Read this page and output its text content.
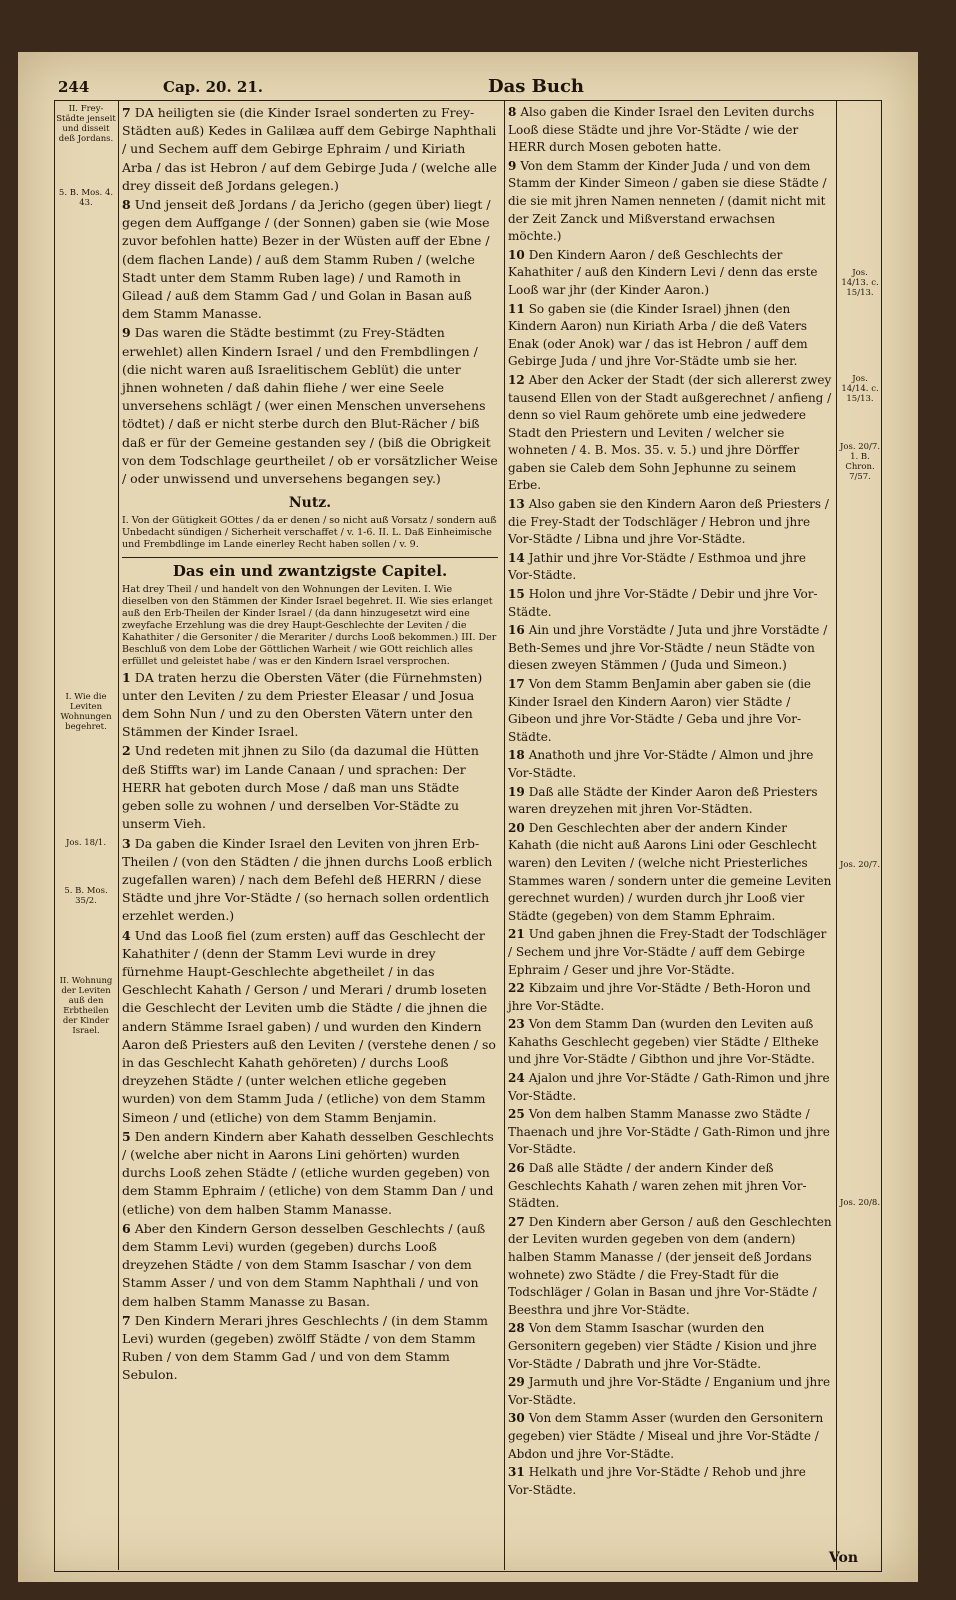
244	Cap. 20. 21.	Das Buch
II. Frey-Städte jenseit und disseit deß Jordans.
5. B. Mos. 4. 43.
I. Wie die Leviten Wohnungen begehret.
Jos. 18/1.
5. B. Mos. 35/2.
II. Wohnung der Leviten auß den Erbtheilen der Kinder Israel.
Jos. 14/13. c. 15/13.
Jos. 14/14. c. 15/13.
Jos. 20/7. 1. B. Chron. 7/57.
Jos. 20/7.
Jos. 20/8.

7 DA heiligten sie (die Kinder Israel sonderten zu Frey-Städten auß) Kedes in Galilæa auff dem Gebirge Naphthali / und Sechem auff dem Gebirge Ephraim / und Kiriath Arba / das ist Hebron / auf dem Gebirge Juda / (welche alle drey disseit deß Jordans gelegen.)

8 Und jenseit deß Jordans / da Jericho (gegen über) liegt / gegen dem Auffgange / (der Sonnen) gaben sie (wie Mose zuvor befohlen hatte) Bezer in der Wüsten auff der Ebne / (dem flachen Lande) / auß dem Stamm Ruben / (welche Stadt unter dem Stamm Ruben lage) / und Ramoth in Gilead / auß dem Stamm Gad / und Golan in Basan auß dem Stamm Manasse.

9 Das waren die Städte bestimmt (zu Frey-Städten erwehlet) allen Kindern Israel / und den Frembdlingen / (die nicht waren auß Israelitischem Geblüt) die unter jhnen wohneten / daß dahin fliehe / wer eine Seele unversehens schlägt / (wer einen Menschen unversehens tödtet) / daß er nicht sterbe durch den Blut-Rächer / biß daß er für der Gemeine gestanden sey / (biß die Obrigkeit von dem Todschlage geurtheilet / ob er vorsätzlicher Weise / oder unwissend und unversehens begangen sey.)

Nutz.

I. Von der Gütigkeit GOttes / da er denen / so nicht auß Vorsatz / sondern auß Unbedacht sündigen / Sicherheit verschaffet / v. 1-6. II. L. Daß Einheimische und Frembdlinge im Lande einerley Recht haben sollen / v. 9.

Das ein und zwantzigste Capitel.

Hat drey Theil / und handelt von den Wohnungen der Leviten. I. Wie dieselben von den Stämmen der Kinder Israel begehret. II. Wie sies erlanget auß den Erb-Theilen der Kinder Israel / (da dann hinzugesetzt wird eine zweyfache Erzehlung was die drey Haupt-Geschlechte der Leviten / die Kahathiter / die Gersoniter / die Merariter / durchs Looß bekommen.) III. Der Beschluß von dem Lobe der Göttlichen Warheit / wie GOtt reichlich alles erfüllet und geleistet habe / was er den Kindern Israel versprochen.

1 DA traten herzu die Obersten Väter (die Fürnehmsten) unter den Leviten / zu dem Priester Eleasar / und Josua dem Sohn Nun / und zu den Obersten Vätern unter den Stämmen der Kinder Israel.

2 Und redeten mit jhnen zu Silo (da dazumal die Hütten deß Stiffts war) im Lande Canaan / und sprachen: Der HERR hat geboten durch Mose / daß man uns Städte geben solle zu wohnen / und derselben Vor-Städte zu unserm Vieh.

3 Da gaben die Kinder Israel den Leviten von jhren Erb-Theilen / (von den Städten / die jhnen durchs Looß erblich zugefallen waren) / nach dem Befehl deß HERRN / diese Städte und jhre Vor-Städte / (so hernach sollen ordentlich erzehlet werden.)

4 Und das Looß fiel (zum ersten) auff das Geschlecht der Kahathiter / (denn der Stamm Levi wurde in drey fürnehme Haupt-Geschlechte abgetheilet / in das Geschlecht Kahath / Gerson / und Merari / drumb loseten die Geschlecht der Leviten umb die Städte / die jhnen die andern Stämme Israel gaben) / und wurden den Kindern Aaron deß Priesters auß den Leviten / (verstehe denen / so in das Geschlecht Kahath gehöreten) / durchs Looß dreyzehen Städte / (unter welchen etliche gegeben wurden) von dem Stamm Juda / (etliche) von dem Stamm Simeon / und (etliche) von dem Stamm Benjamin.

5 Den andern Kindern aber Kahath desselben Geschlechts / (welche aber nicht in Aarons Lini gehörten) wurden durchs Looß zehen Städte / (etliche wurden gegeben) von dem Stamm Ephraim / (etliche) von dem Stamm Dan / und (etliche) von dem halben Stamm Manasse.

6 Aber den Kindern Gerson desselben Geschlechts / (auß dem Stamm Levi) wurden (gegeben) durchs Looß dreyzehen Städte / von dem Stamm Isaschar / von dem Stamm Asser / und von dem Stamm Naphthali / und von dem halben Stamm Manasse zu Basan.

7 Den Kindern Merari jhres Geschlechts / (in dem Stamm Levi) wurden (gegeben) zwölff Städte / von dem Stamm Ruben / von dem Stamm Gad / und von dem Stamm Sebulon.

8 Also gaben die Kinder Israel den Leviten durchs Looß diese Städte und jhre Vor-Städte / wie der HERR durch Mosen geboten hatte.

9 Von dem Stamm der Kinder Juda / und von dem Stamm der Kinder Simeon / gaben sie diese Städte / die sie mit jhren Namen nenneten / (damit nicht mit der Zeit Zanck und Mißverstand erwachsen möchte.)

10 Den Kindern Aaron / deß Geschlechts der Kahathiter / auß den Kindern Levi / denn das erste Looß war jhr (der Kinder Aaron.)

11 So gaben sie (die Kinder Israel) jhnen (den Kindern Aaron) nun Kiriath Arba / die deß Vaters Enak (oder Anok) war / das ist Hebron / auff dem Gebirge Juda / und jhre Vor-Städte umb sie her.

12 Aber den Acker der Stadt (der sich allererst zwey tausend Ellen von der Stadt außgerechnet / anfieng / denn so viel Raum gehörete umb eine jedwedere Stadt den Priestern und Leviten / welcher sie wohneten / 4. B. Mos. 35. v. 5.) und jhre Dörffer gaben sie Caleb dem Sohn Jephunne zu seinem Erbe.

13 Also gaben sie den Kindern Aaron deß Priesters / die Frey-Stadt der Todschläger / Hebron und jhre Vor-Städte / Libna und jhre Vor-Städte.

14 Jathir und jhre Vor-Städte / Esthmoa und jhre Vor-Städte.

15 Holon und jhre Vor-Städte / Debir und jhre Vor-Städte.

16 Ain und jhre Vorstädte / Juta und jhre Vorstädte / Beth-Semes und jhre Vor-Städte / neun Städte von diesen zweyen Stämmen / (Juda und Simeon.)

17 Von dem Stamm BenJamin aber gaben sie (die Kinder Israel den Kindern Aaron) vier Städte / Gibeon und jhre Vor-Städte / Geba und jhre Vor-Städte.

18 Anathoth und jhre Vor-Städte / Almon und jhre Vor-Städte.

19 Daß alle Städte der Kinder Aaron deß Priesters waren dreyzehen mit jhren Vor-Städten.

20 Den Geschlechten aber der andern Kinder Kahath (die nicht auß Aarons Lini oder Geschlecht waren) den Leviten / (welche nicht Priesterliches Stammes waren / sondern unter die gemeine Leviten gerechnet wurden) / wurden durch jhr Looß vier Städte (gegeben) von dem Stamm Ephraim.

21 Und gaben jhnen die Frey-Stadt der Todschläger / Sechem und jhre Vor-Städte / auff dem Gebirge Ephraim / Geser und jhre Vor-Städte.

22 Kibzaim und jhre Vor-Städte / Beth-Horon und jhre Vor-Städte.

23 Von dem Stamm Dan (wurden den Leviten auß Kahaths Geschlecht gegeben) vier Städte / Eltheke und jhre Vor-Städte / Gibthon und jhre Vor-Städte.

24 Ajalon und jhre Vor-Städte / Gath-Rimon und jhre Vor-Städte.

25 Von dem halben Stamm Manasse zwo Städte / Thaenach und jhre Vor-Städte / Gath-Rimon und jhre Vor-Städte.

26 Daß alle Städte / der andern Kinder deß Geschlechts Kahath / waren zehen mit jhren Vor-Städten.

27 Den Kindern aber Gerson / auß den Geschlechten der Leviten wurden gegeben von dem (andern) halben Stamm Manasse / (der jenseit deß Jordans wohnete) zwo Städte / die Frey-Stadt für die Todschläger / Golan in Basan und jhre Vor-Städte / Beesthra und jhre Vor-Städte.

28 Von dem Stamm Isaschar (wurden den Gersonitern gegeben) vier Städte / Kision und jhre Vor-Städte / Dabrath und jhre Vor-Städte.

29 Jarmuth und jhre Vor-Städte / Enganium und jhre Vor-Städte.

30 Von dem Stamm Asser (wurden den Gersonitern gegeben) vier Städte / Miseal und jhre Vor-Städte / Abdon und jhre Vor-Städte.

31 Helkath und jhre Vor-Städte / Rehob und jhre Vor-Städte.

Von
